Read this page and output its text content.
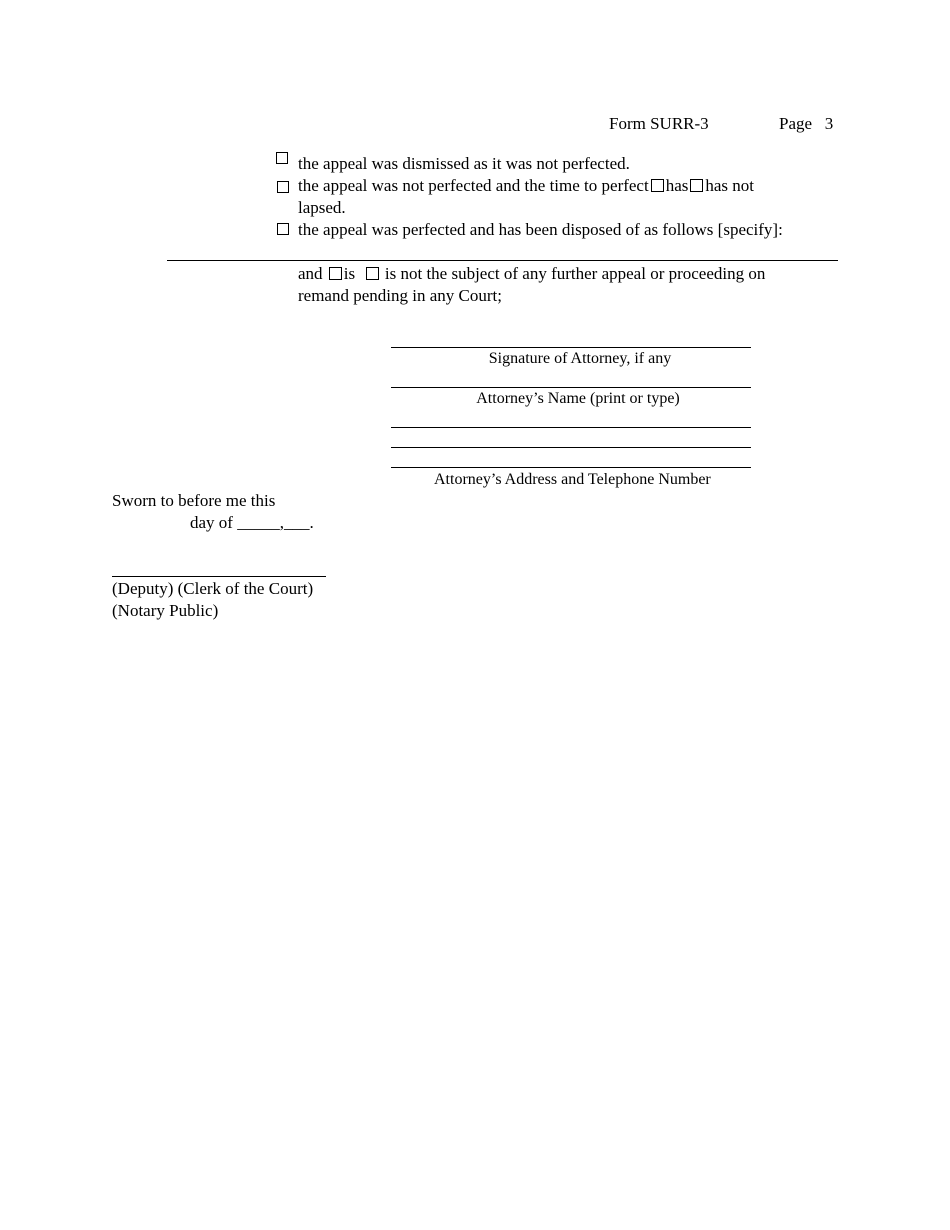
Form SURR-3	Page 3
the appeal was dismissed as it was not perfected.
the appeal was not perfected and the time to perfect has has not
lapsed.
the appeal was perfected and has been disposed of as follows [specify]:
and is is not the subject of any further appeal or proceeding on
remand pending in any Court;
Signature of Attorney, if any
Attorney’s Name (print or type)
Attorney’s Address and Telephone Number
Sworn to before me this
day of _____,___.
(Deputy) (Clerk of the Court)
(Notary Public)
